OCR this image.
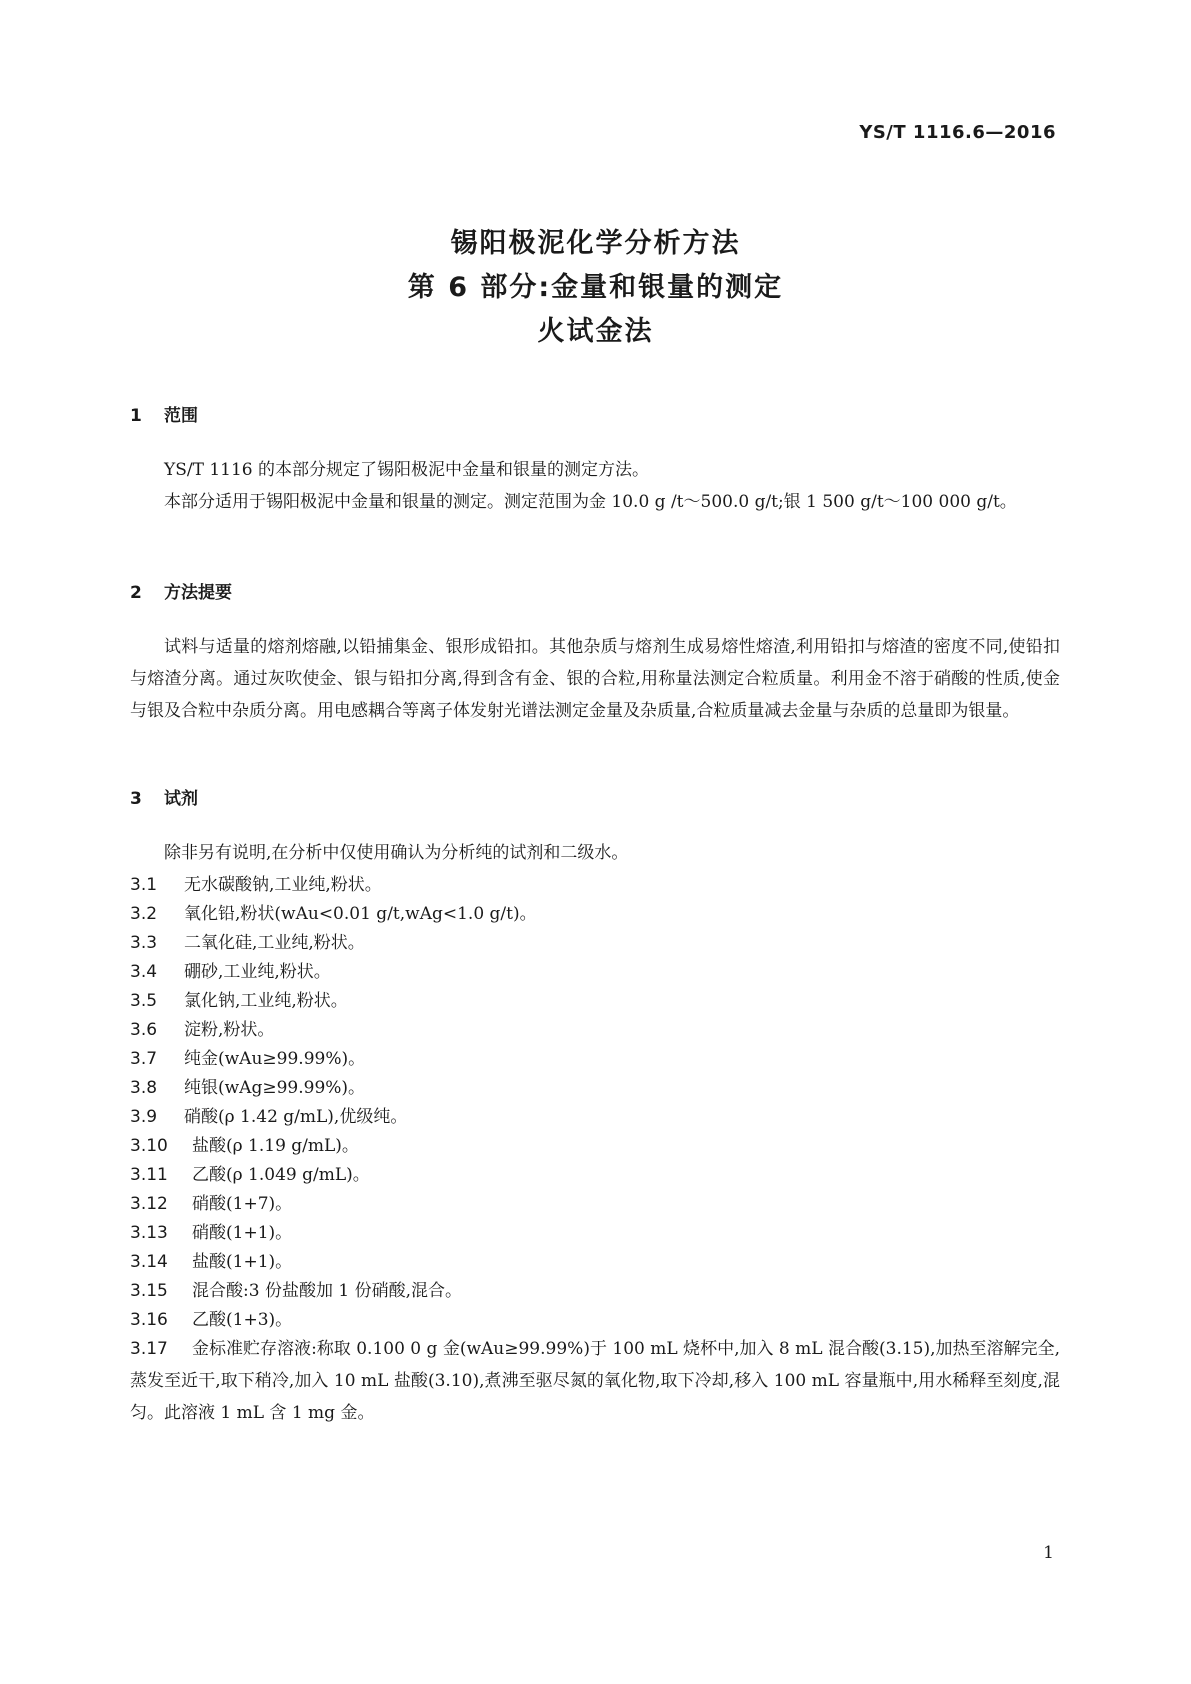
YS/T 1116.6—2016
锡阳极泥化学分析方法
第 6 部分:金量和银量的测定
火试金法
1 范围
YS/T 1116 的本部分规定了锡阳极泥中金量和银量的测定方法。
本部分适用于锡阳极泥中金量和银量的测定。测定范围为金 10.0 g /t～500.0 g/t;银 1 500 g/t～100 000 g/t。
2 方法提要
试料与适量的熔剂熔融,以铅捕集金、银形成铅扣。其他杂质与熔剂生成易熔性熔渣,利用铅扣与熔渣的密度不同,使铅扣与熔渣分离。通过灰吹使金、银与铅扣分离,得到含有金、银的合粒,用称量法测定合粒质量。利用金不溶于硝酸的性质,使金与银及合粒中杂质分离。用电感耦合等离子体发射光谱法测定金量及杂质量,合粒质量减去金量与杂质的总量即为银量。
3 试剂
除非另有说明,在分析中仅使用确认为分析纯的试剂和二级水。
3.1 无水碳酸钠,工业纯,粉状。
3.2 氧化铅,粉状(wAu<0.01 g/t,wAg<1.0 g/t)。
3.3 二氧化硅,工业纯,粉状。
3.4 硼砂,工业纯,粉状。
3.5 氯化钠,工业纯,粉状。
3.6 淀粉,粉状。
3.7 纯金(wAu≥99.99%)。
3.8 纯银(wAg≥99.99%)。
3.9 硝酸(ρ 1.42 g/mL),优级纯。
3.10 盐酸(ρ 1.19 g/mL)。
3.11 乙酸(ρ 1.049 g/mL)。
3.12 硝酸(1+7)。
3.13 硝酸(1+1)。
3.14 盐酸(1+1)。
3.15 混合酸:3 份盐酸加 1 份硝酸,混合。
3.16 乙酸(1+3)。
3.17 金标准贮存溶液:称取 0.100 0 g 金(wAu≥99.99%)于 100 mL 烧杯中,加入 8 mL 混合酸(3.15),加热至溶解完全,蒸发至近干,取下稍冷,加入 10 mL 盐酸(3.10),煮沸至驱尽氮的氧化物,取下冷却,移入 100 mL 容量瓶中,用水稀释至刻度,混匀。此溶液 1 mL 含 1 mg 金。
1
